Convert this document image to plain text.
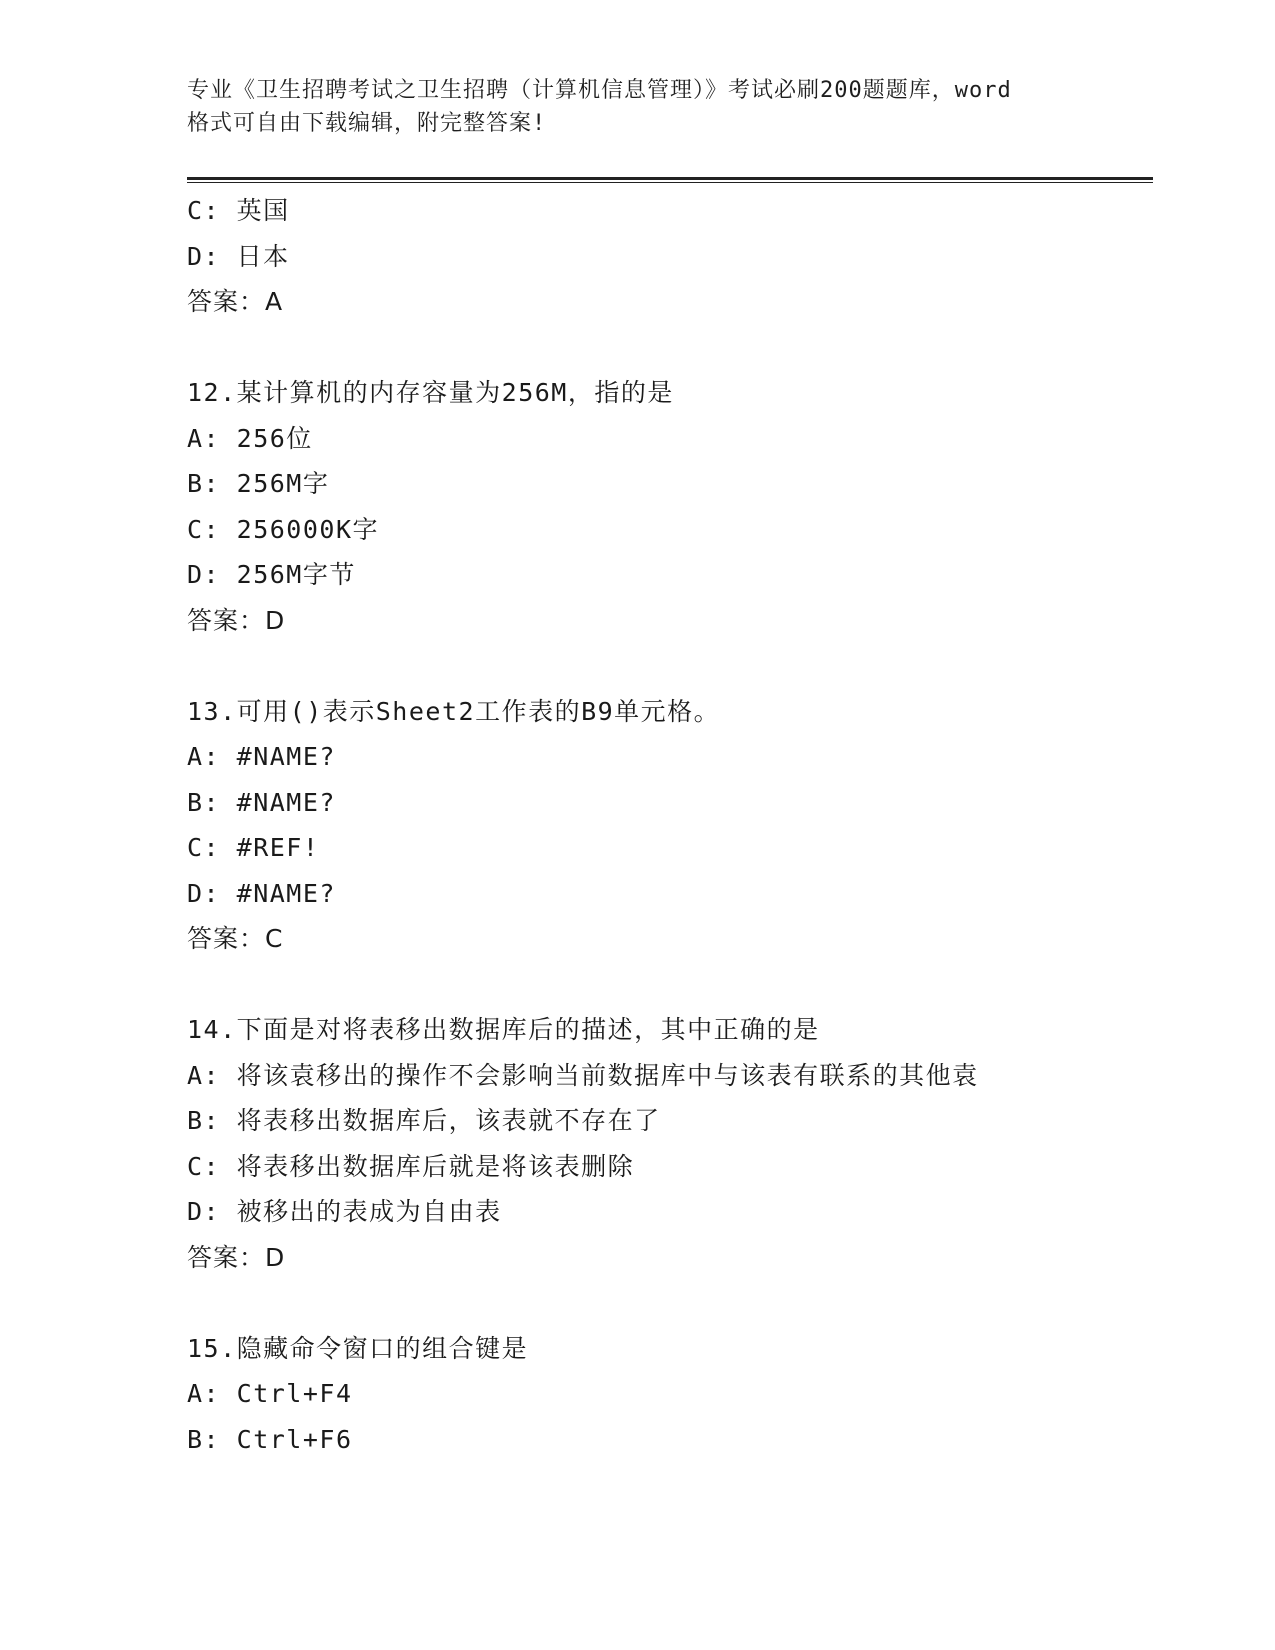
专业《卫生招聘考试之卫生招聘（计算机信息管理）》考试必刷200题题库，word
格式可自由下载编辑，附完整答案!
C: 英国
D: 日本
答案：A
12.某计算机的内存容量为256M，指的是
A: 256位
B: 256M字
C: 256000K字
D: 256M字节
答案：D
13.可用()表示Sheet2工作表的B9单元格。
A: #NAME?
B: #NAME?
C: #REF!
D: #NAME?
答案：C
14.下面是对将表移出数据库后的描述，其中正确的是
A: 将该袁移出的操作不会影响当前数据库中与该表有联系的其他袁
B: 将表移出数据库后，该表就不存在了
C: 将表移出数据库后就是将该表删除
D: 被移出的表成为自由表
答案：D
15.隐藏命令窗口的组合键是
A: Ctrl+F4
B: Ctrl+F6
